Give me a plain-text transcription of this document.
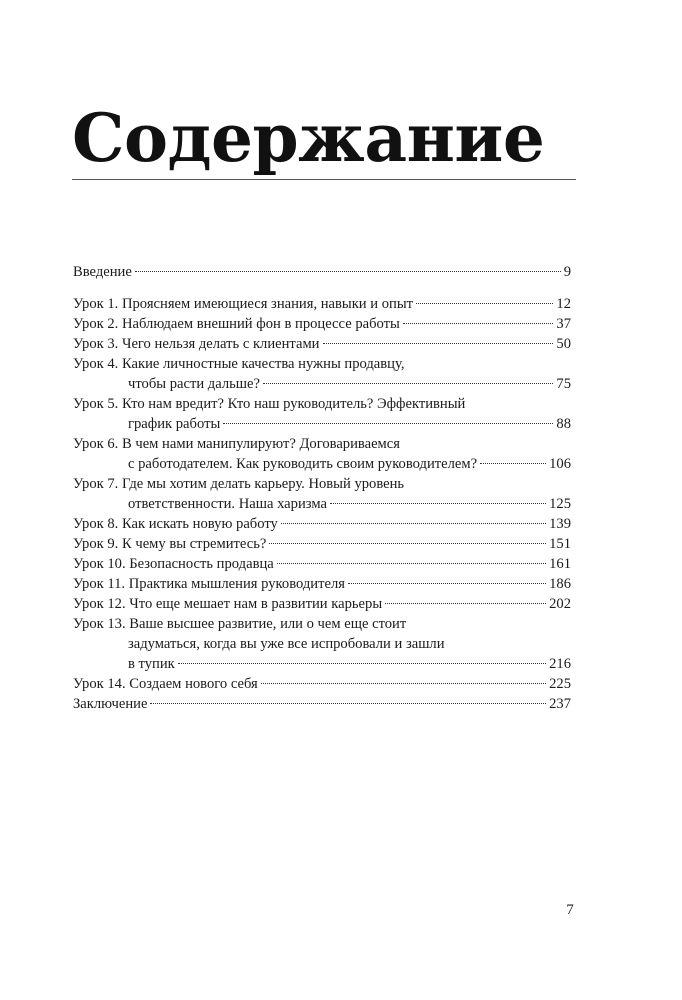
Содержание
Введение	9
Урок 1. Проясняем имеющиеся знания, навыки и опыт	12
Урок 2. Наблюдаем внешний фон в процессе работы	37
Урок 3. Чего нельзя делать с клиентами	50
Урок 4. Какие личностные качества нужны продавцу,
чтобы расти дальше?	75
Урок 5. Кто нам вредит? Кто наш руководитель? Эффективный
график работы	88
Урок 6. В чем нами манипулируют? Договариваемся
с работодателем. Как руководить своим руководителем?	106
Урок 7. Где мы хотим делать карьеру. Новый уровень
ответственности. Наша харизма	125
Урок 8. Как искать новую работу	139
Урок 9. К чему вы стремитесь?	151
Урок 10. Безопасность продавца	161
Урок 11. Практика мышления руководителя	186
Урок 12. Что еще мешает нам в развитии карьеры	202
Урок 13. Ваше высшее развитие, или о чем еще стоит
задуматься, когда вы уже все испробовали и зашли
в тупик	216
Урок 14. Создаем нового себя	225
Заключение	237
7
